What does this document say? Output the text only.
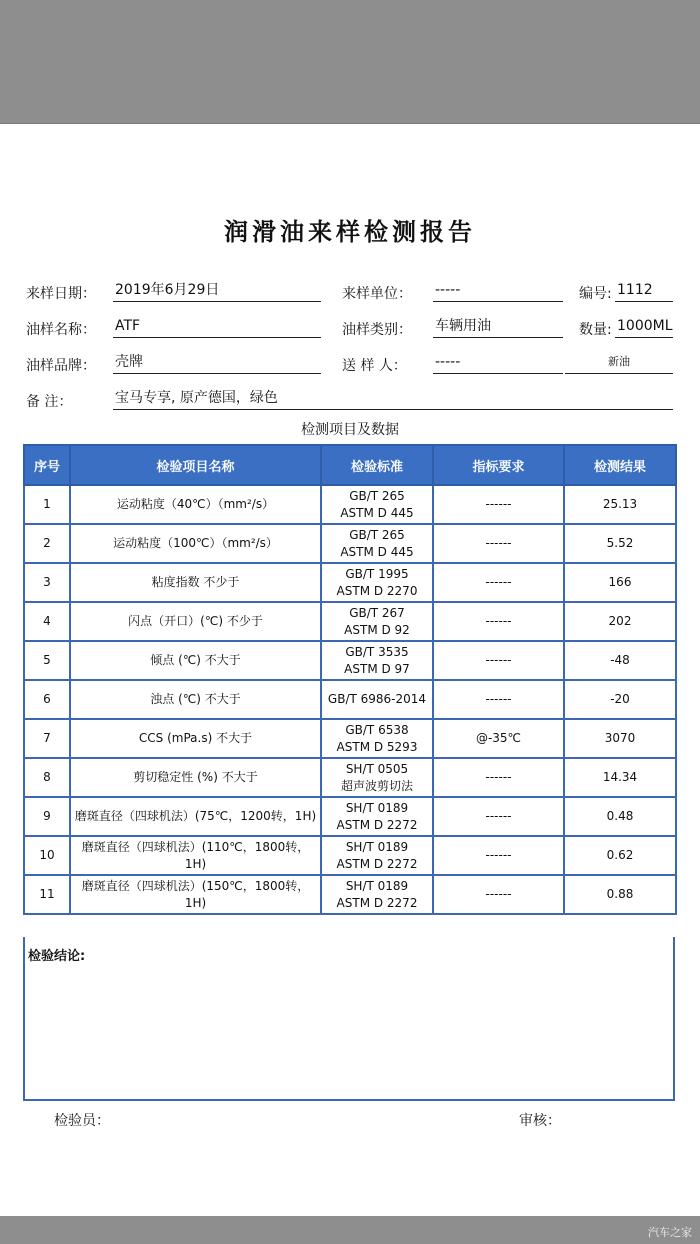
润滑油来样检测报告
来样日期： 2019年6月29日	来样单位： -----	编号: 1112
油样名称： ATF	油样类别： 车辆用油	数量: 1000ML
油样品牌： 壳牌	送 样 人： -----	新油
备 注：	宝马专享, 原产德国，绿色
检测项目及数据
序号	检验项目名称	检验标准	指标要求	检测结果
1	运动粘度（40℃）（mm²/s）	GB/T 265
ASTM D 445	------	25.13
2	运动粘度（100℃）（mm²/s）	GB/T 265
ASTM D 445	------	5.52
3	粘度指数 不少于	GB/T 1995
ASTM D 2270	------	166
4	闪点（开口）(℃) 不少于	GB/T 267
ASTM D 92	------	202
5	倾点 (℃) 不大于	GB/T 3535
ASTM D 97	------	-48
6	浊点 (℃) 不大于	GB/T 6986-2014	------	-20
7	CCS (mPa.s) 不大于	GB/T 6538
ASTM D 5293	@-35℃	3070
8	剪切稳定性 (%) 不大于	SH/T 0505
超声波剪切法	------	14.34
9	磨斑直径（四球机法）(75℃，1200转，1H)	SH/T 0189
ASTM D 2272	------	0.48
10	磨斑直径（四球机法）(110℃，1800转，1H)	SH/T 0189
ASTM D 2272	------	0.62
11	磨斑直径（四球机法）(150℃，1800转，1H)	SH/T 0189
ASTM D 2272	------	0.88
检验结论:
检验员：	审核：
汽车之家
